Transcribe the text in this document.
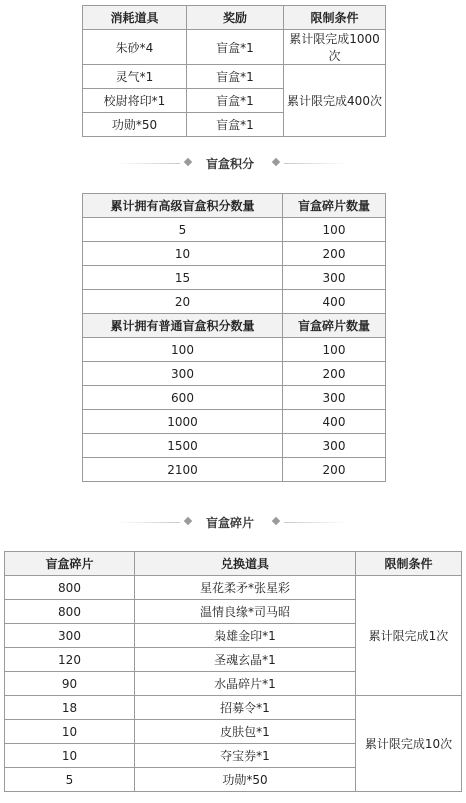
消耗道具	奖励	限制条件
朱砂*4	盲盒*1	累计限完成1000次
灵气*1	盲盒*1	累计限完成400次
校尉将印*1	盲盒*1	
功勋*50	盲盒*1	
盲盒积分
累计拥有高级盲盒积分数量	盲盒碎片数量
5	100
10	200
15	300
20	400
累计拥有普通盲盒积分数量	盲盒碎片数量
100	100
300	200
600	300
1000	400
1500	300
2100	200
盲盒碎片
盲盒碎片	兑换道具	限制条件
800	星花柔矛*张星彩	累计限完成1次
800	温情良缘*司马昭	
300	枭雄金印*1	
120	圣魂玄晶*1	
90	水晶碎片*1	
18	招募令*1	累计限完成10次
10	皮肤包*1	
10	夺宝券*1	
5	功勋*50	
